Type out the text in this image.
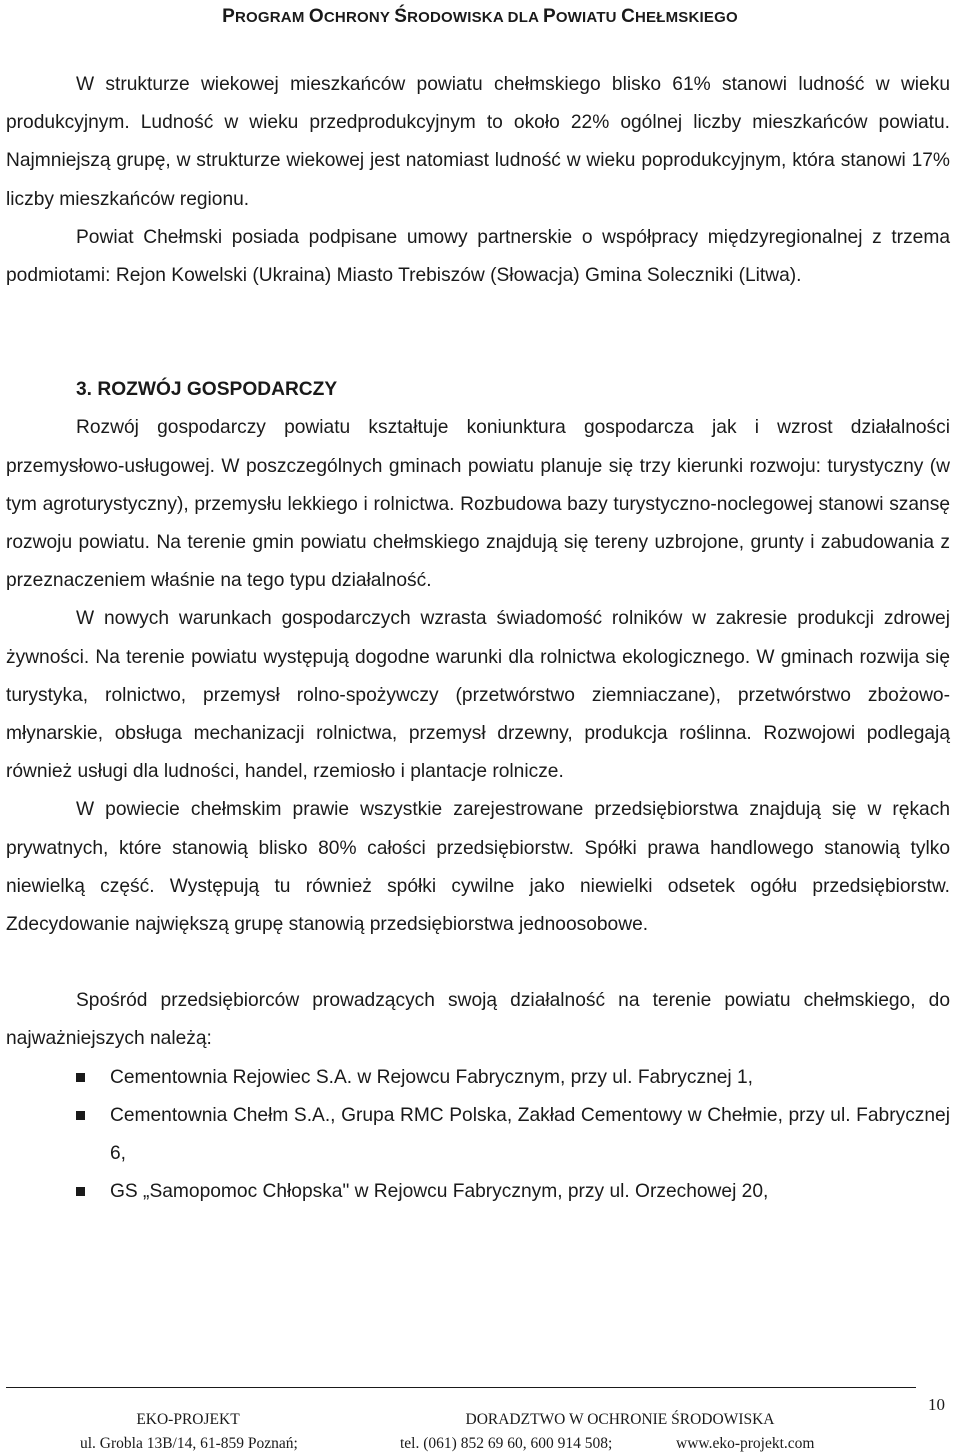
PROGRAM OCHRONY ŚRODOWISKA DLA POWIATU CHEŁMSKIEGO

W strukturze wiekowej mieszkańców powiatu chełmskiego blisko 61% stanowi ludność w wieku produkcyjnym. Ludność w wieku przedprodukcyjnym to około 22% ogólnej liczby mieszkańców powiatu. Najmniejszą grupę, w strukturze wiekowej jest natomiast ludność w wieku poprodukcyjnym, która stanowi 17% liczby mieszkańców regionu.

Powiat Chełmski posiada podpisane umowy partnerskie o współpracy międzyregionalnej z trzema podmiotami: Rejon Kowelski (Ukraina) Miasto Trebiszów (Słowacja) Gmina Soleczniki (Litwa).

3. ROZWÓJ GOSPODARCZY

Rozwój gospodarczy powiatu kształtuje koniunktura gospodarcza jak i wzrost działalności przemysłowo-usługowej. W poszczególnych gminach powiatu planuje się trzy kierunki rozwoju: turystyczny (w tym agroturystyczny), przemysłu lekkiego i rolnictwa. Rozbudowa bazy turystyczno-noclegowej stanowi szansę rozwoju powiatu. Na terenie gmin powiatu chełmskiego znajdują się tereny uzbrojone, grunty i zabudowania z przeznaczeniem właśnie na tego typu działalność.

W nowych warunkach gospodarczych wzrasta świadomość rolników w zakresie produkcji zdrowej żywności. Na terenie powiatu występują dogodne warunki dla rolnictwa ekologicznego. W gminach rozwija się turystyka, rolnictwo, przemysł rolno-spożywczy (przetwórstwo ziemniaczane), przetwórstwo zbożowo-młynarskie, obsługa mechanizacji rolnictwa, przemysł drzewny, produkcja roślinna. Rozwojowi podlegają również usługi dla ludności, handel, rzemiosło i plantacje rolnicze.

W powiecie chełmskim prawie wszystkie zarejestrowane przedsiębiorstwa znajdują się w rękach prywatnych, które stanowią blisko 80% całości przedsiębiorstw. Spółki prawa handlowego stanowią tylko niewielką część. Występują tu również spółki cywilne jako niewielki odsetek ogółu przedsiębiorstw. Zdecydowanie największą grupę stanowią przedsiębiorstwa jednoosobowe.

Spośród przedsiębiorców prowadzących swoją działalność na terenie powiatu chełmskiego, do najważniejszych należą:

Cementownia Rejowiec S.A. w Rejowcu Fabrycznym, przy ul. Fabrycznej 1,
Cementownia Chełm S.A., Grupa RMC Polska, Zakład Cementowy w Chełmie, przy ul. Fabrycznej 6,
GS „Samopomoc Chłopska" w Rejowcu Fabrycznym, przy ul. Orzechowej 20,
10
EKO-PROJEKT	DORADZTWO W OCHRONIE ŚRODOWISKA
ul. Grobla 13B/14, 61-859 Poznań;	tel. (061) 852 69 60, 600 914 508;	www.eko-projekt.com
